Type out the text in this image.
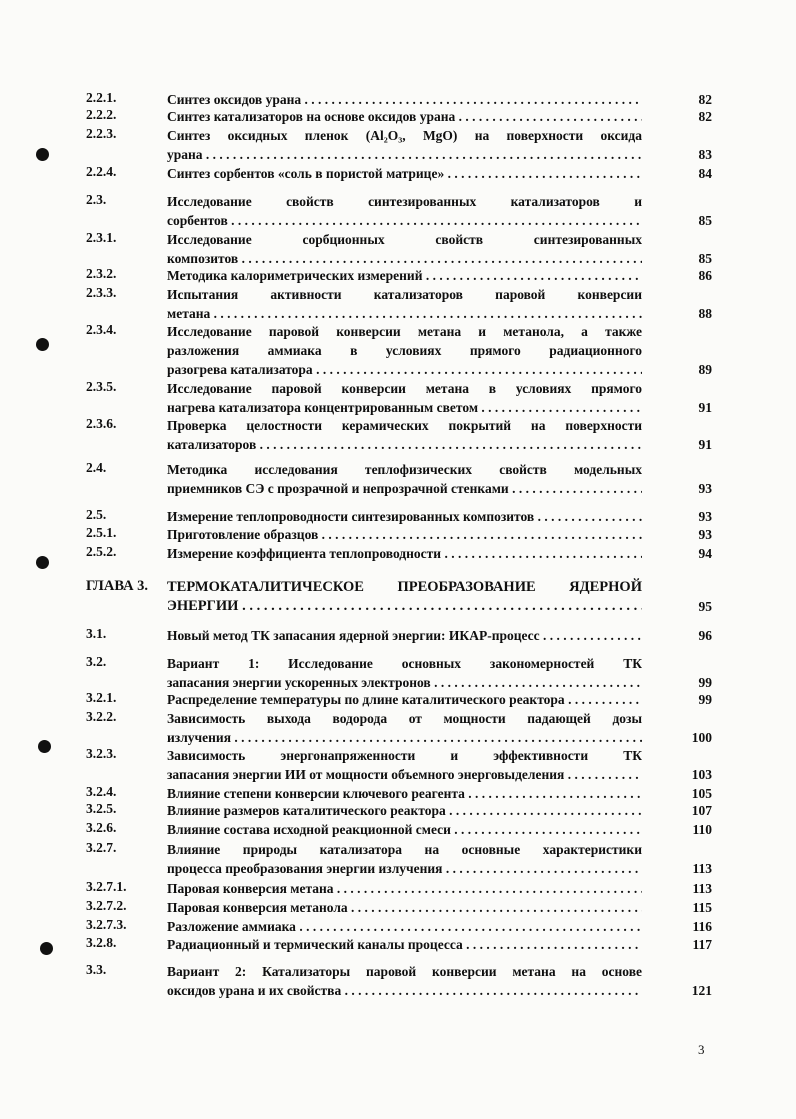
2.2.1.	Синтез оксидов урана . . .	82
2.2.2.	Синтез катализаторов на основе оксидов урана . . .	82
2.2.3.	Синтез оксидных пленок (Al₂O₃, MgO) на поверхности оксида
урана . . .	83
2.2.4.	Синтез сорбентов «соль в пористой матрице» . . .	84
2.3.	Исследование свойств синтезированных катализаторов и
сорбентов . . .	85
2.3.1.	Исследование сорбционных свойств синтезированных
композитов . . .	85
2.3.2.	Методика калориметрических измерений . . .	86
2.3.3.	Испытания активности катализаторов паровой конверсии
метана . . .	88
2.3.4.	Исследование паровой конверсии метана и метанола, а также
разложения аммиака в условиях прямого радиационного
разогрева катализатора . . .	89
2.3.5.	Исследование паровой конверсии метана в условиях прямого
нагрева катализатора концентрированным светом . . .	91
2.3.6.	Проверка целостности керамических покрытий на поверхности
катализаторов . . .	91
2.4.	Методика исследования теплофизических свойств модельных
приемников СЭ с прозрачной и непрозрачной стенками . . .	93
2.5.	Измерение теплопроводности синтезированных композитов . . .	93
2.5.1.	Приготовление образцов . . .	93
2.5.2.	Измерение коэффициента теплопроводности . . .	94
ГЛАВА 3. ТЕРМОКАТАЛИТИЧЕСКОЕ ПРЕОБРАЗОВАНИЕ ЯДЕРНОЙ
ЭНЕРГИИ . . .	95
3.1.	Новый метод ТК запасания ядерной энергии: ИКАР-процесс . . .	96
3.2.	Вариант 1: Исследование основных закономерностей ТК
запасания энергии ускоренных электронов . . .	99
3.2.1.	Распределение температуры по длине каталитического реактора . . .	99
3.2.2.	Зависимость выхода водорода от мощности падающей дозы
излучения . . .	100
3.2.3.	Зависимость энергонапряженности и эффективности ТК
запасания энергии ИИ от мощности объемного энерговыделения . . .	103
3.2.4.	Влияние степени конверсии ключевого реагента . . .	105
3.2.5.	Влияние размеров каталитического реактора . . .	107
3.2.6.	Влияние состава исходной реакционной смеси . . .	110
3.2.7.	Влияние природы катализатора на основные характеристики
процесса преобразования энергии излучения . . .	113
3.2.7.1.	Паровая конверсия метана . . .	113
3.2.7.2.	Паровая конверсия метанола . . .	115
3.2.7.3.	Разложение аммиака . . .	116
3.2.8.	Радиационный и термический каналы процесса . . .	117
3.3.	Вариант 2: Катализаторы паровой конверсии метана на основе
оксидов урана и их свойства . . .	121
3
